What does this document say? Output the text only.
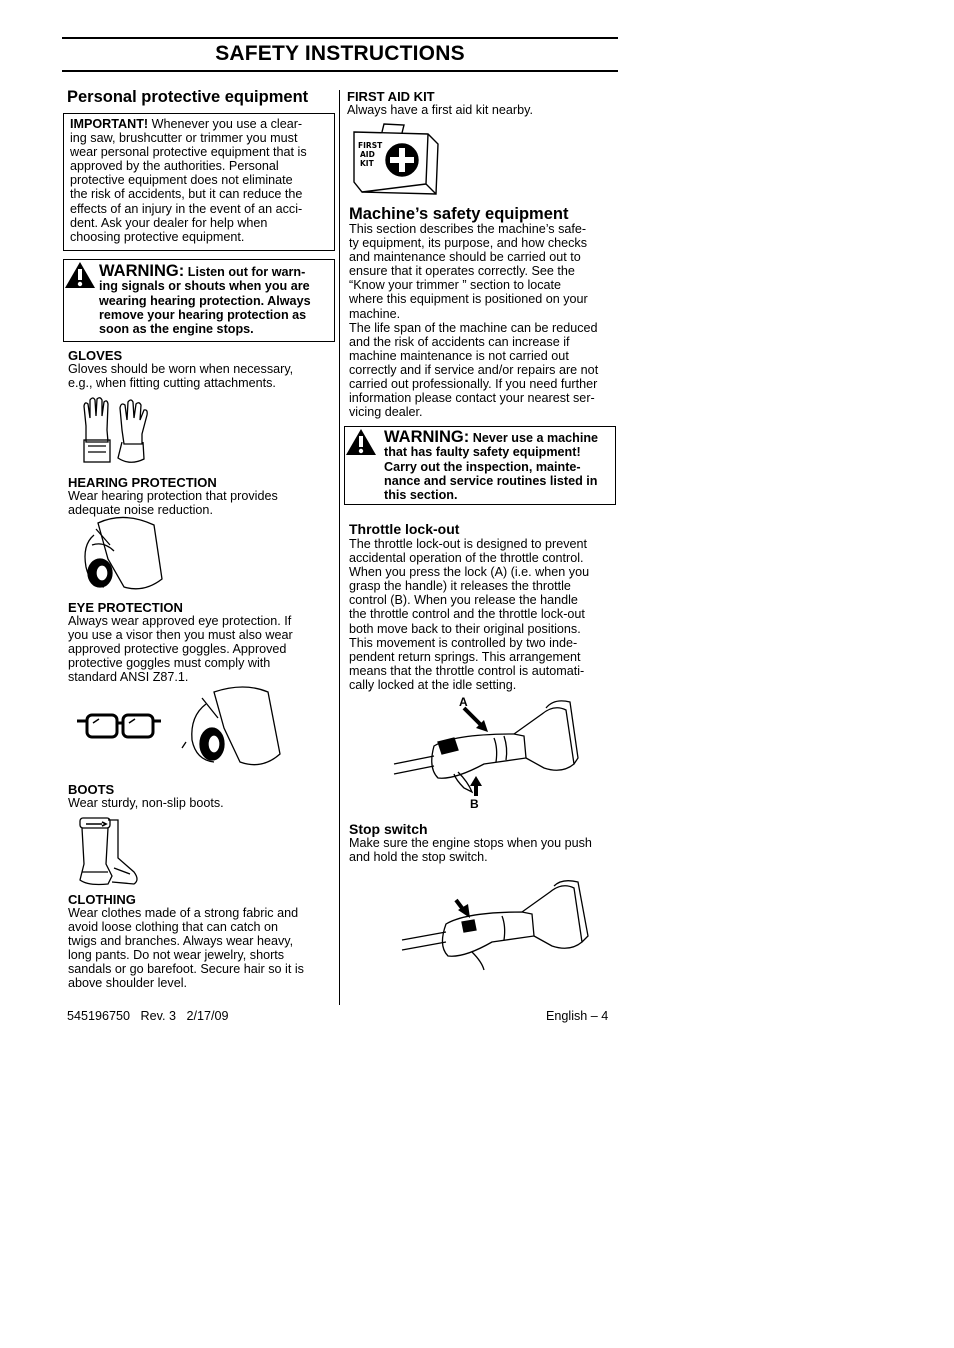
SAFETY INSTRUCTIONS
Personal protective equipment
IMPORTANT! Whenever you use a clear-
ing saw, brushcutter or trimmer you must
wear personal protective equipment that is
approved by the authorities. Personal
protective equipment does not eliminate
the risk of accidents, but it can reduce the
effects of an injury in the event of an acci-
dent. Ask your dealer for help when
choosing protective equipment.
WARNING: Listen out for warn-
ing signals or shouts when you are
wearing hearing protection. Always
remove your hearing protection as
soon as the engine stops.
GLOVES
Gloves should be worn when necessary,
e.g., when fitting cutting attachments.
HEARING PROTECTION
Wear hearing protection that provides
adequate noise reduction.
EYE PROTECTION
Always wear approved eye protection. If
you use a visor then you must also wear
approved protective goggles. Approved
protective goggles must comply with
standard ANSI Z87.1.
BOOTS
Wear sturdy, non‑slip boots.
CLOTHING
Wear clothes made of a strong fabric and
avoid loose clothing that can catch on
twigs and branches. Always wear heavy,
long pants. Do not wear jewelry, shorts
sandals or go barefoot. Secure hair so it is
above shoulder level.
FIRST AID KIT
Always have a first aid kit nearby.
FIRST
AID
KIT
Machine’s safety equipment
This section describes the machine’s safe-
ty equipment, its purpose, and how checks
and maintenance should be carried out to
ensure that it operates correctly. See the
“Know your trimmer ” section to locate
where this equipment is positioned on your
machine.
The life span of the machine can be reduced
and the risk of accidents can increase if
machine maintenance is not carried out
correctly and if service and/or repairs are not
carried out professionally. If you need further
information please contact your nearest ser-
vicing dealer.
WARNING: Never use a machine
that has faulty safety equipment!
Carry out the inspection, mainte-
nance and service routines listed in
this section.
Throttle lock‑out
The throttle lock‑out is designed to prevent
accidental operation of the throttle control.
When you press the lock (A) (i.e. when you
grasp the handle) it releases the throttle
control (B). When you release the handle
the throttle control and the throttle lock‑out
both move back to their original positions.
This movement is controlled by two inde-
pendent return springs. This arrangement
means that the throttle control is automati-
cally locked at the idle setting.
A
B
Stop switch
Make sure the engine stops when you push
and hold the stop switch.
545196750   Rev. 3   2/17/09	English – 4
